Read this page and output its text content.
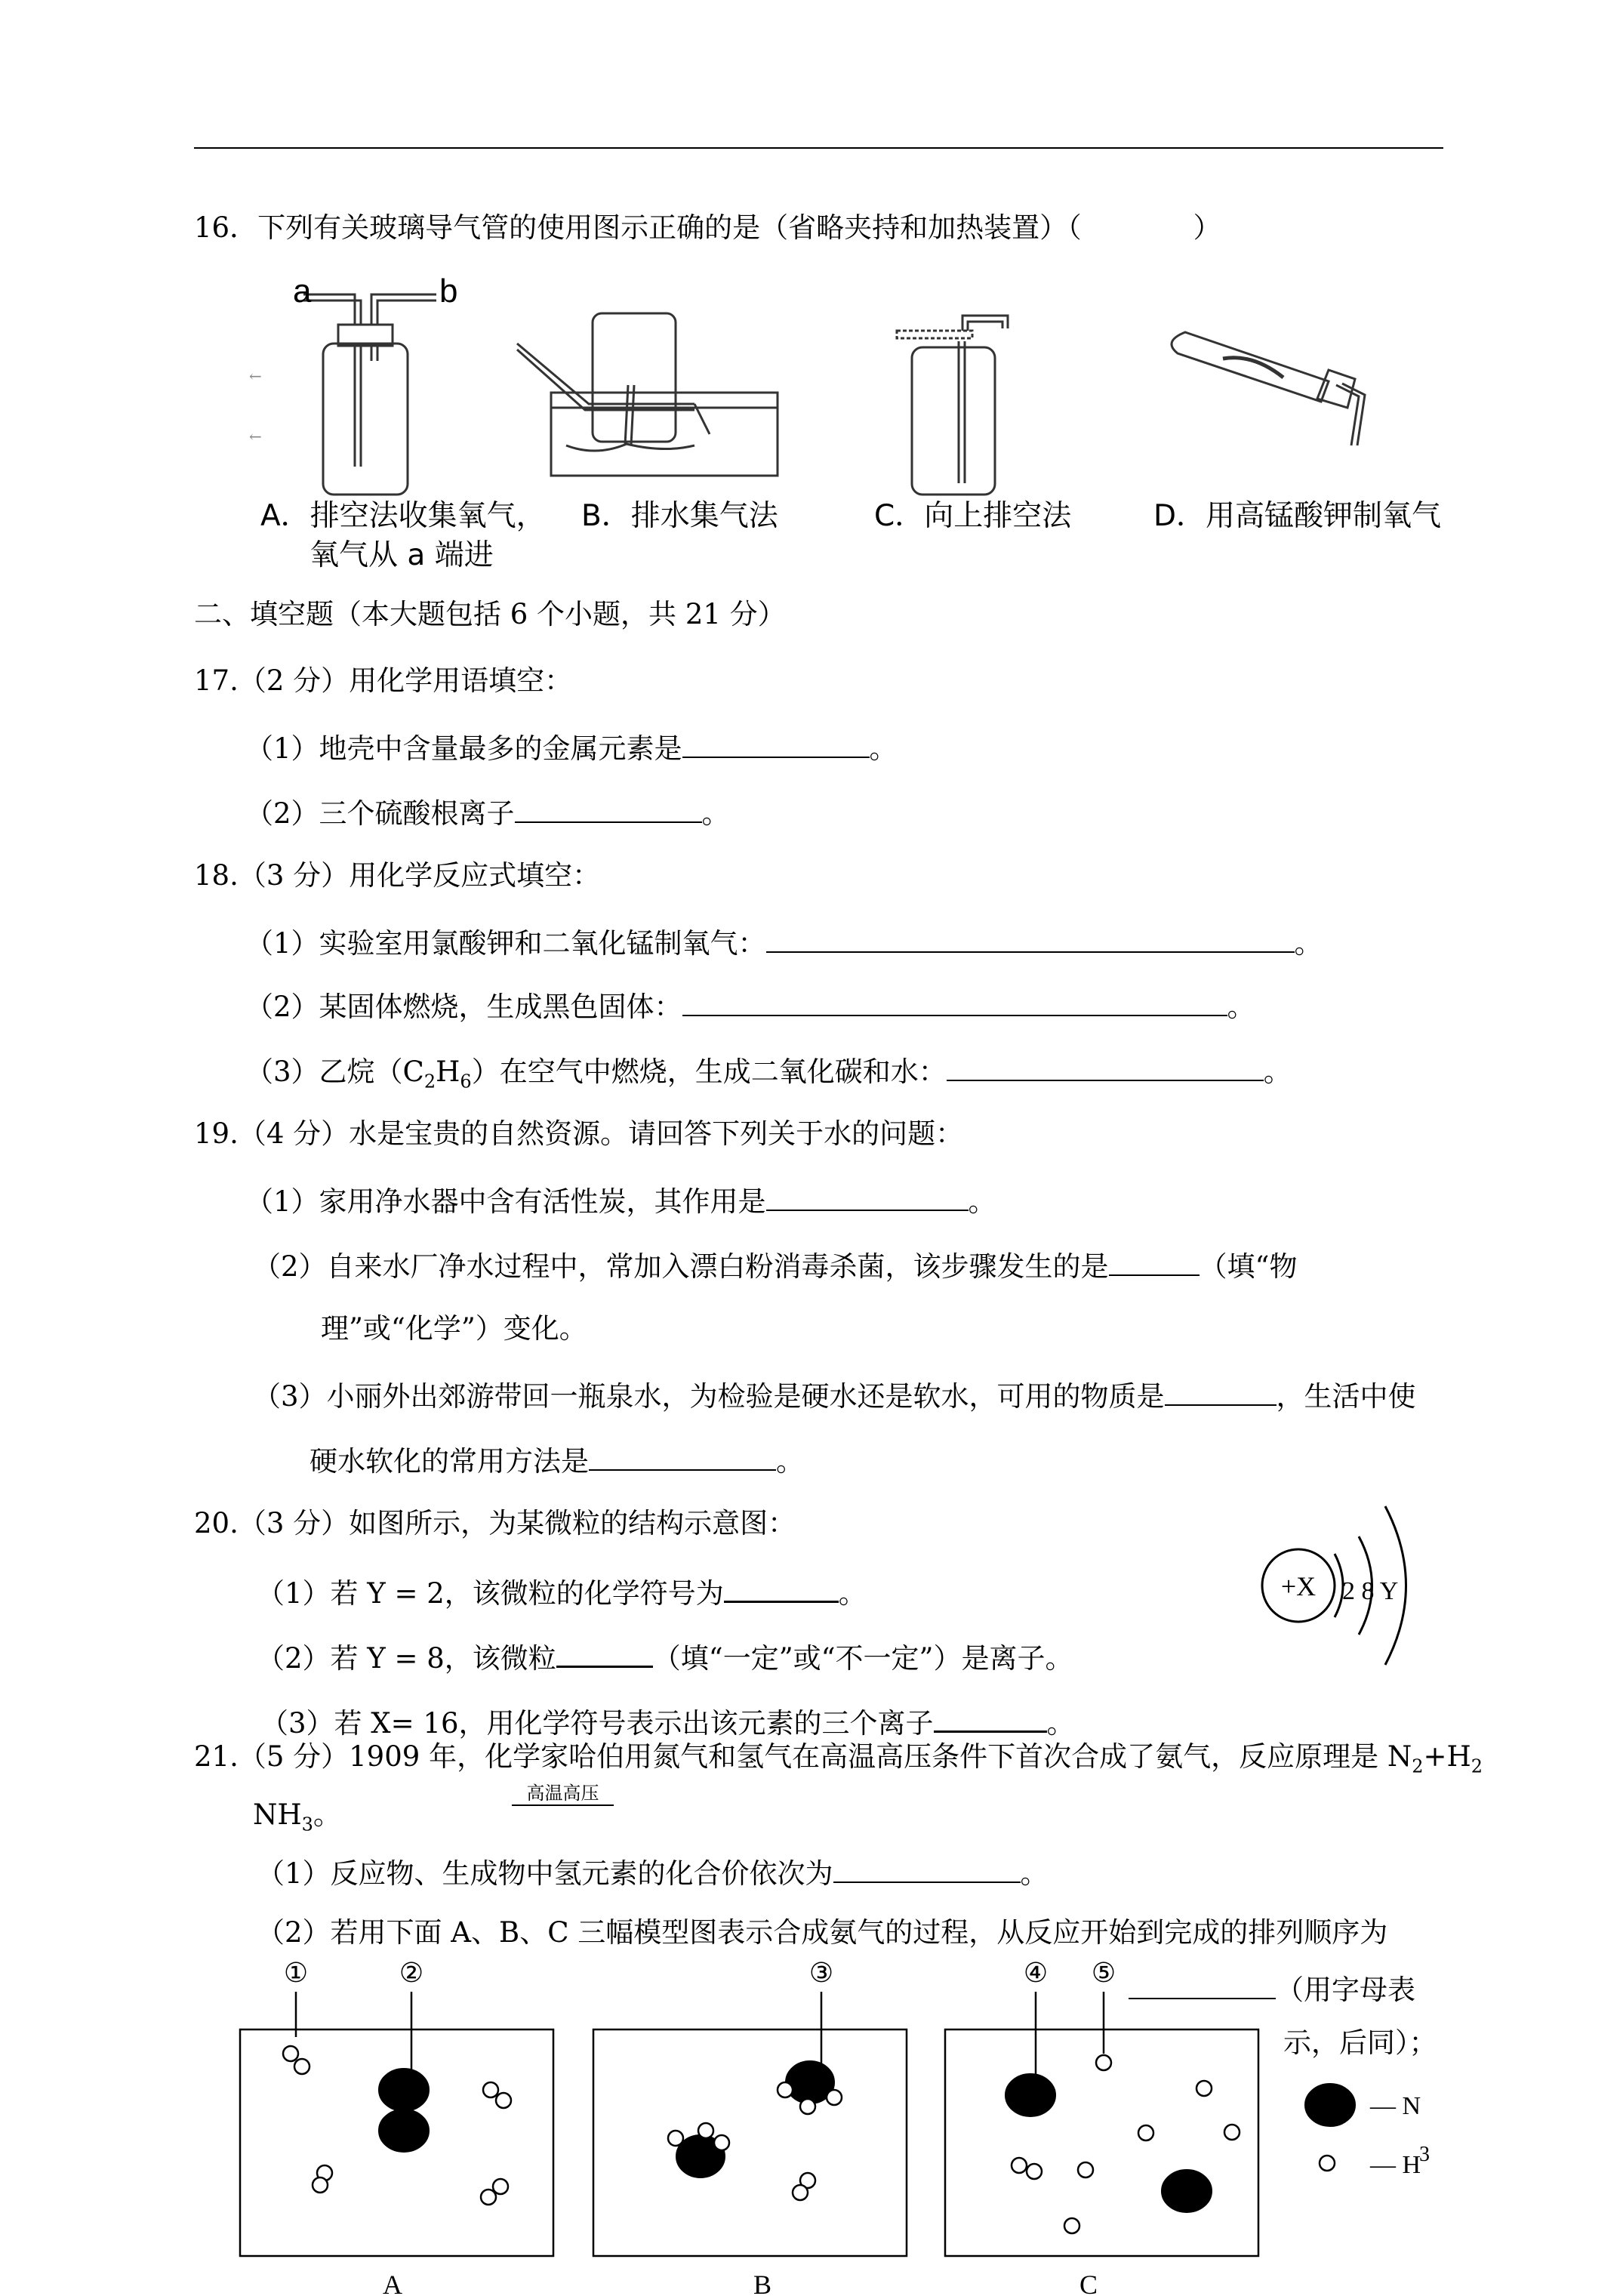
16．下列有关玻璃导气管的使用图示正确的是（省略夹持和加热装置）（　　　　）
a	b
←
←
A．排空法收集氧气，
氧气从 a 端进
B．排水集气法	C．向上排空法	D．用高锰酸钾制氧气
二、填空题（本大题包括 6 个小题，共 21 分）
17.（2 分）用化学用语填空：
（1）地壳中含量最多的金属元素是	。
（2）三个硫酸根离子	。
18.（3 分）用化学反应式填空：
（1）实验室用氯酸钾和二氧化锰制氧气：	。
（2）某固体燃烧，生成黑色固体：	。
（3）乙烷$(C_2H_6)$在空气中燃烧，生成二氧化碳和水：	。
19.（4 分）水是宝贵的自然资源。请回答下列关于水的问题：
（1）家用净水器中含有活性炭，其作用是	。
（2）自来水厂净水过程中，常加入漂白粉消毒杀菌，该步骤发生的是	（填“物
理”或“化学”）变化。
（3）小丽外出郊游带回一瓶泉水，为检验是硬水还是软水，可用的物质是	，生活中使
硬水软化的常用方法是	。
20.（3 分）如图所示，为某微粒的结构示意图：
（1）若 Y = 2，该微粒的化学符号为	。
（2）若 Y = 8，该微粒	（填“一定”或“不一定”）是离子。
（3）若 X= 16，用化学符号表示出该元素的三个离子	。
+X 2 8 Y
21.（5 分）1909 年，化学家哈伯用氮气和氢气在高温高压条件下首次合成了氨气，反应原理是 $N_2+H_2$
$NH_3$。
高温高压
（1）反应物、生成物中氢元素的化合价依次为	。
（2）若用下面 A、B、C 三幅模型图表示合成氨气的过程，从反应开始到完成的排列顺序为
（用字母表
示，后同）；
①	②	③	④ ⑤
A	B	C
— N
— H
3
